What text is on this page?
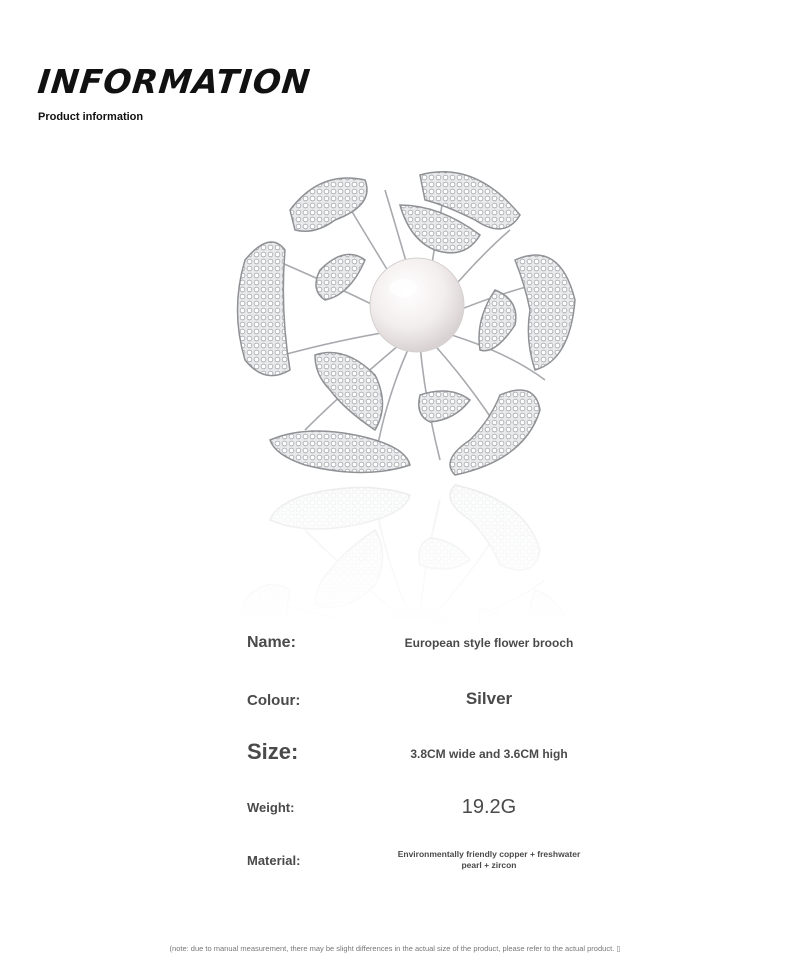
INFORMATION
Product information
Name:	European style flower brooch
Colour:	Silver
Size:	3.8CM wide and 3.6CM high
Weight:	19.2G
Material:	Environmentally friendly copper + freshwater
pearl + zircon
(note: due to manual measurement, there may be slight differences in the actual size of the product, please refer to the actual product. ▯
